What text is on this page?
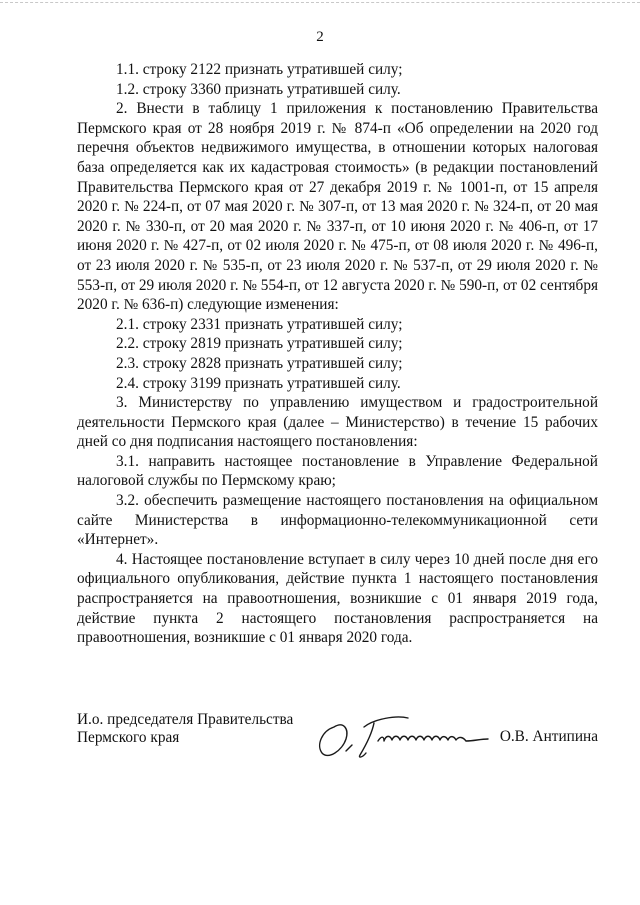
2

1.1. строку 2122 признать утратившей силу;

1.2. строку 3360 признать утратившей силу.

2. Внести в таблицу 1 приложения к постановлению Правительства Пермского края от 28 ноября 2019 г. № 874-п «Об определении на 2020 год перечня объектов недвижимого имущества, в отношении которых налоговая база определяется как их кадастровая стоимость» (в редакции постановлений Правительства Пермского края от 27 декабря 2019 г. № 1001-п, от 15 апреля 2020 г. № 224-п, от 07 мая 2020 г. № 307-п, от 13 мая 2020 г. № 324-п, от 20 мая 2020 г. № 330-п, от 20 мая 2020 г. № 337-п, от 10 июня 2020 г. № 406-п, от 17 июня 2020 г. № 427-п, от 02 июля 2020 г. № 475-п, от 08 июля 2020 г. № 496-п, от 23 июля 2020 г. № 535-п, от 23 июля 2020 г. № 537-п, от 29 июля 2020 г. № 553-п, от 29 июля 2020 г. № 554-п, от 12 августа 2020 г. № 590-п, от 02 сентября 2020 г. № 636-п) следующие изменения:

2.1. строку 2331 признать утратившей силу;

2.2. строку 2819 признать утратившей силу;

2.3. строку 2828 признать утратившей силу;

2.4. строку 3199 признать утратившей силу.

3. Министерству по управлению имуществом и градостроительной деятельности Пермского края (далее – Министерство) в течение 15 рабочих дней со дня подписания настоящего постановления:

3.1. направить настоящее постановление в Управление Федеральной налоговой службы по Пермскому краю;

3.2. обеспечить размещение настоящего постановления на официальном сайте Министерства в информационно-телекоммуникационной сети «Интернет».

4. Настоящее постановление вступает в силу через 10 дней после дня его официального опубликования, действие пункта 1 настоящего постановления распространяется на правоотношения, возникшие с 01 января 2019 года, действие пункта 2 настоящего постановления распространяется на правоотношения, возникшие с 01 января 2020 года.

И.о. председателя Правительства
Пермского края	О.В. Антипина
